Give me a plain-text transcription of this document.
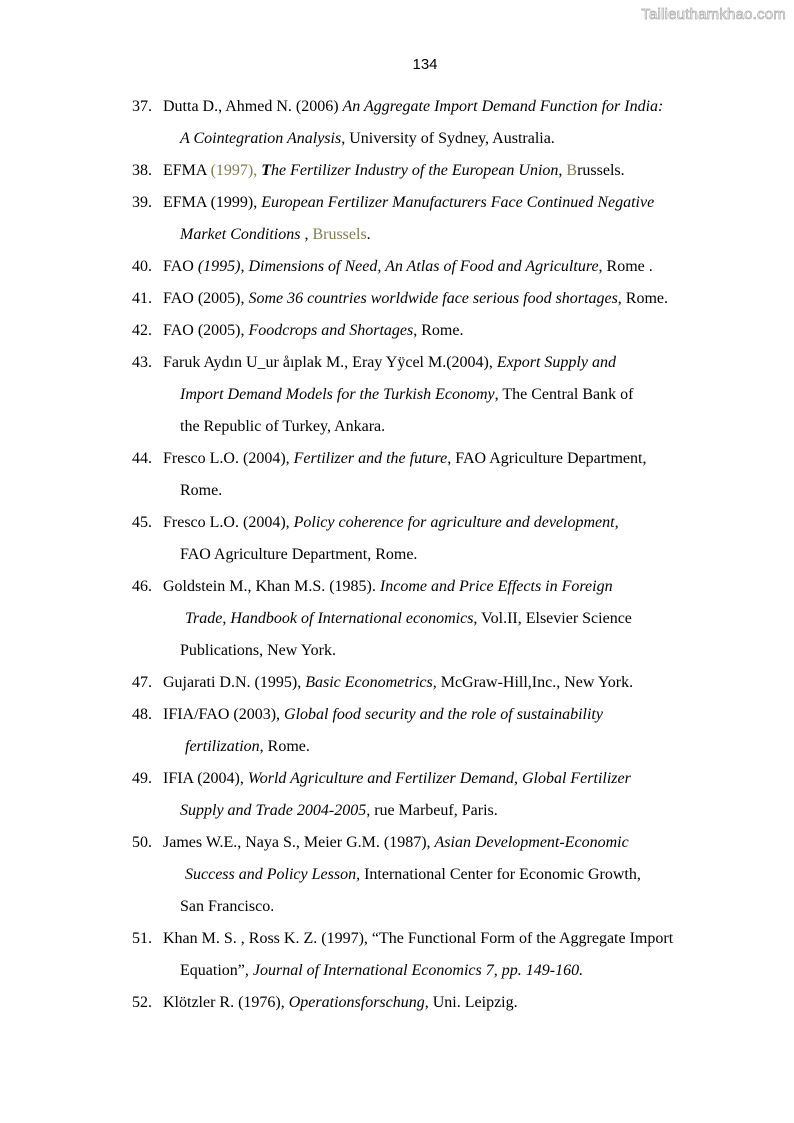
Tailieuthamkhao.com
134
37. Dutta D., Ahmed N. (2006) An Aggregate Import Demand Function for India:
A Cointegration Analysis, University of Sydney, Australia.
38. EFMA (1997), The Fertilizer Industry of the European Union, Brussels.
39. EFMA (1999), European Fertilizer Manufacturers Face Continued Negative
Market Conditions , Brussels.
40. FAO (1995), Dimensions of Need, An Atlas of Food and Agriculture, Rome .
41. FAO (2005), Some 36 countries worldwide face serious food shortages, Rome.
42. FAO (2005), Foodcrops and Shortages, Rome.
43. Faruk Aydın U_ur åıplak M., Eray Yÿcel M.(2004), Export Supply and
Import Demand Models for the Turkish Economy, The Central Bank of
the Republic of Turkey, Ankara.
44. Fresco L.O. (2004), Fertilizer and the future, FAO Agriculture Department,
Rome.
45. Fresco L.O. (2004), Policy coherence for agriculture and development,
FAO Agriculture Department, Rome.
46. Goldstein M., Khan M.S. (1985). Income and Price Effects in Foreign
Trade, Handbook of International economics, Vol.II, Elsevier Science
Publications, New York.
47. Gujarati D.N. (1995), Basic Econometrics, McGraw-Hill,Inc., New York.
48. IFIA/FAO (2003), Global food security and the role of sustainability
fertilization, Rome.
49. IFIA (2004), World Agriculture and Fertilizer Demand, Global Fertilizer
Supply and Trade 2004-2005, rue Marbeuf, Paris.
50. James W.E., Naya S., Meier G.M. (1987), Asian Development-Economic
Success and Policy Lesson, International Center for Economic Growth,
San Francisco.
51. Khan M. S. , Ross K. Z. (1997), “The Functional Form of the Aggregate Import
Equation”, Journal of International Economics 7, pp. 149-160.
52. Klötzler R. (1976), Operationsforschung, Uni. Leipzig.
